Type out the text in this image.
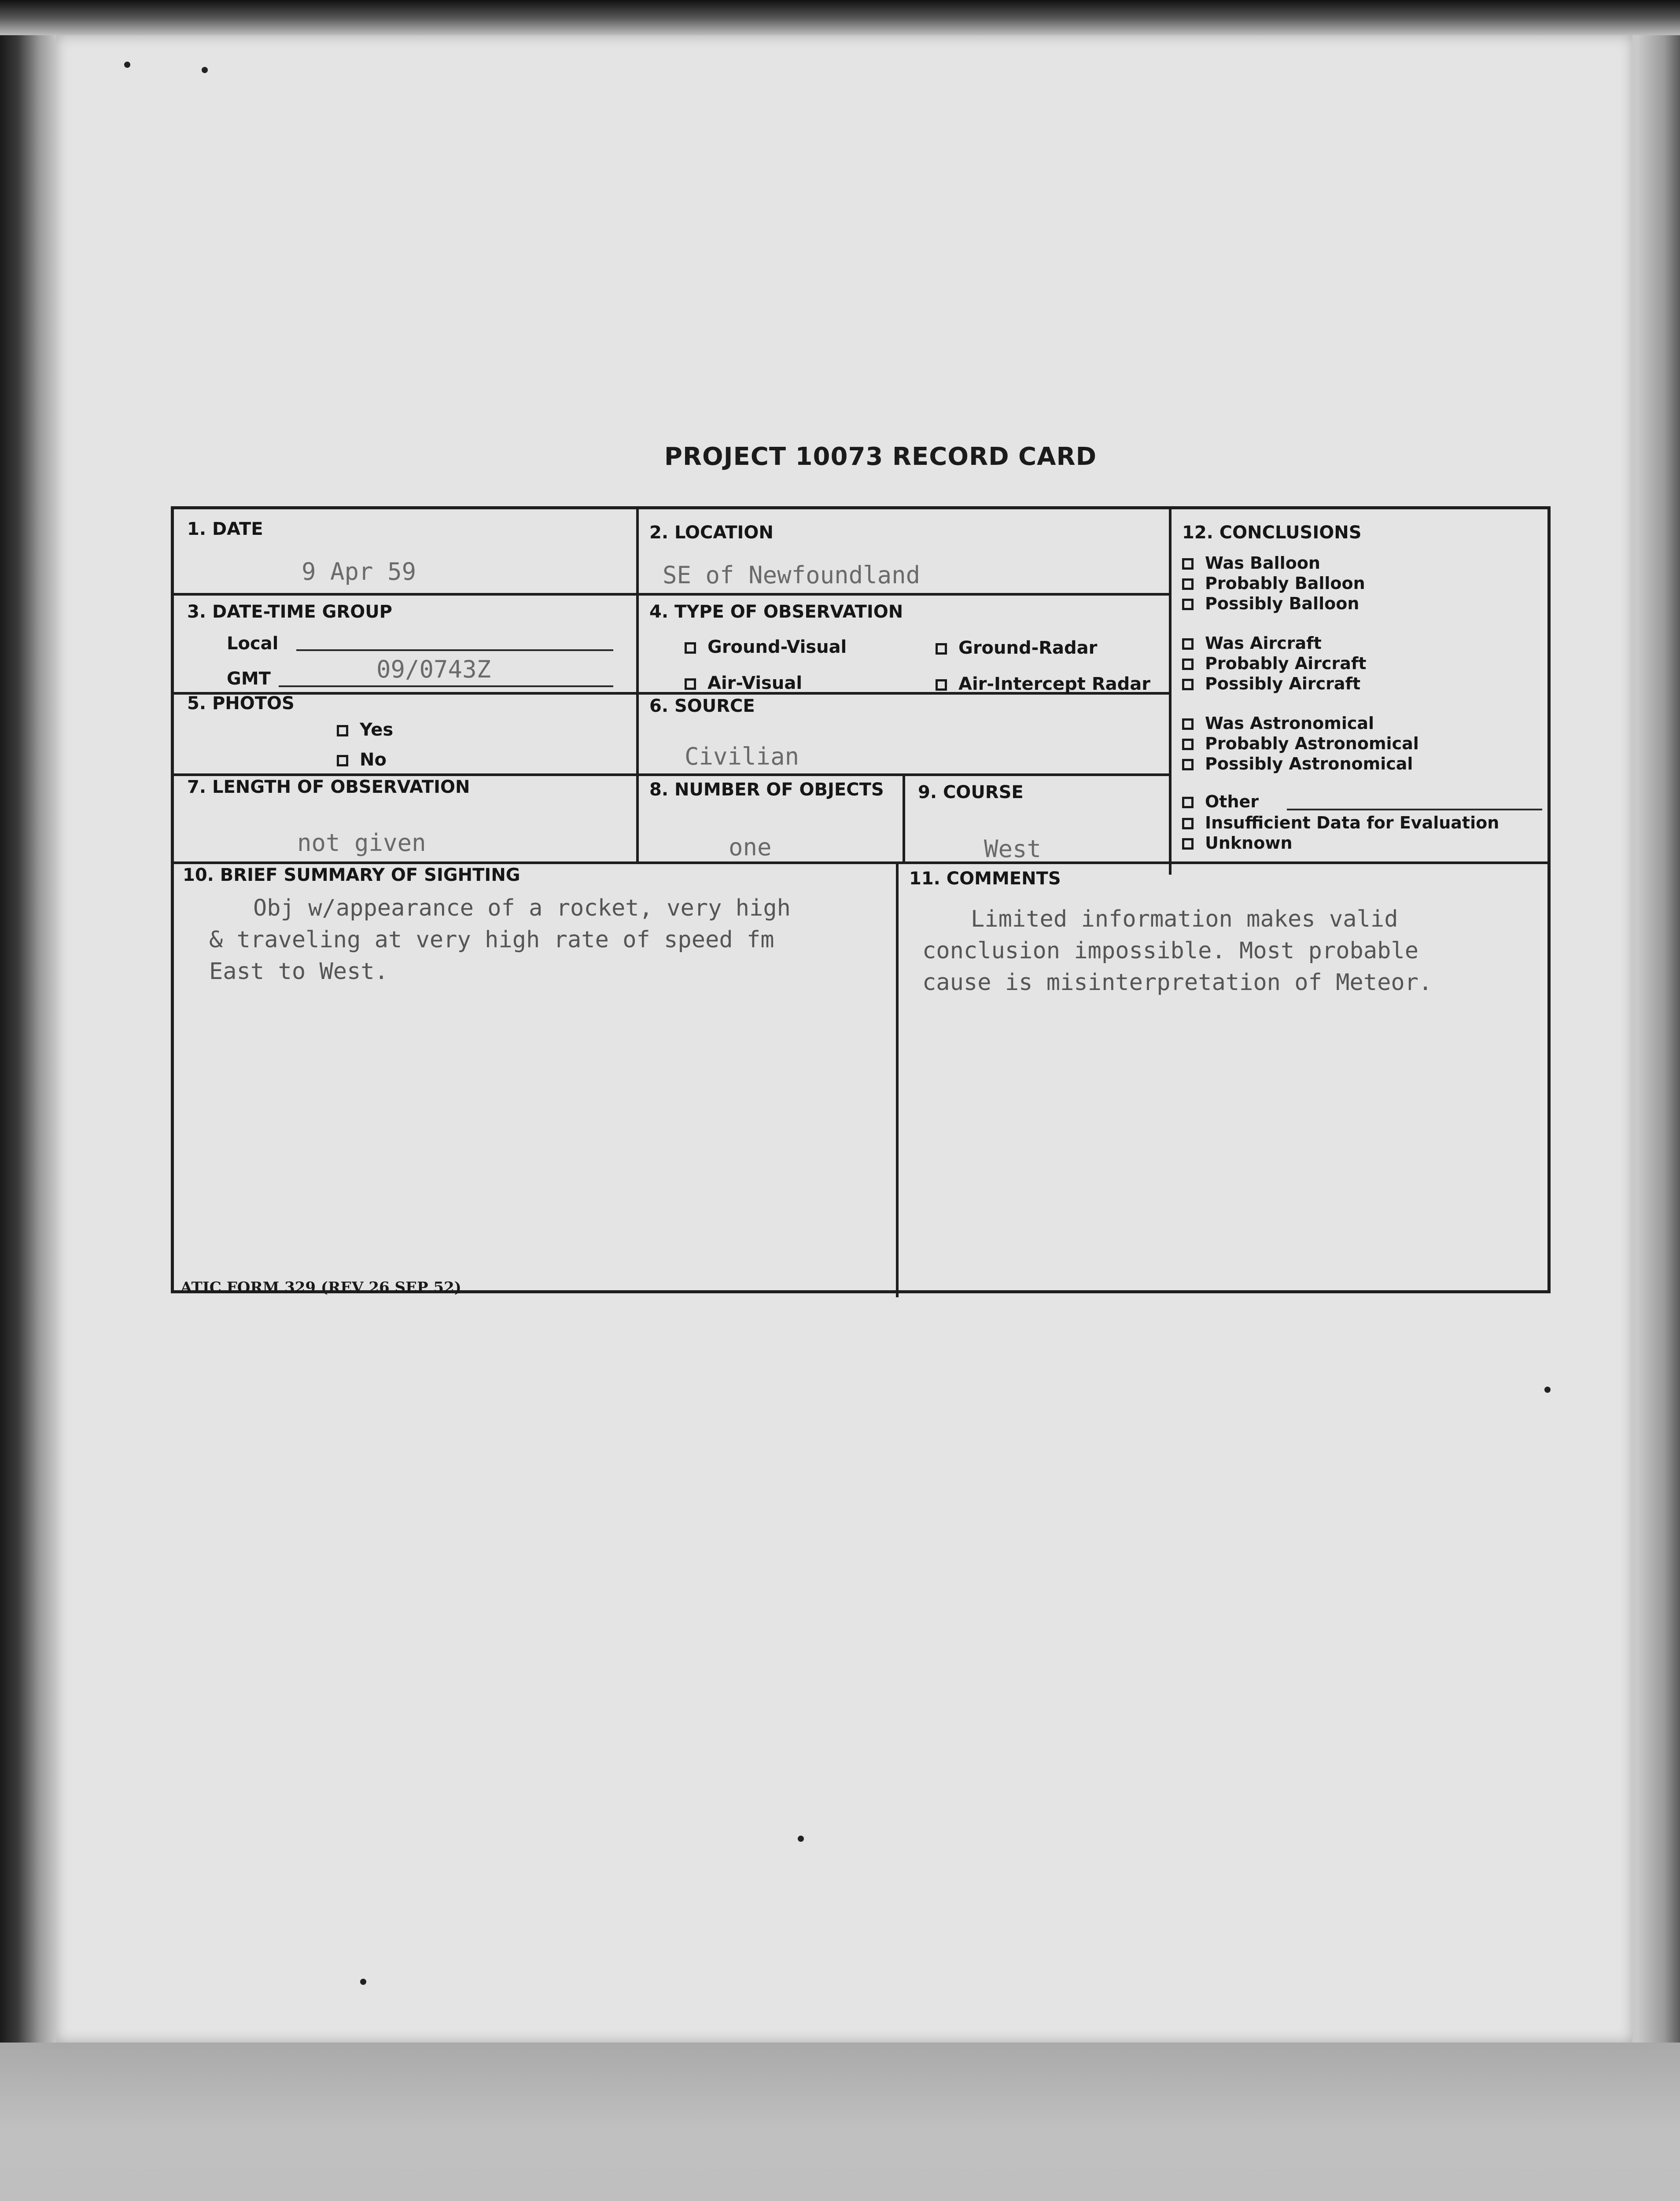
PROJECT 10073 RECORD CARD
1. DATE
9 Apr 59
2. LOCATION
SE of Newfoundland
3. DATE-TIME GROUP
Local
GMT	09/0743Z
4. TYPE OF OBSERVATION
Ground-Visual	Ground-Radar
Air-Visual	Air-Intercept Radar
5. PHOTOS
Yes
No
6. SOURCE
Civilian
7. LENGTH OF OBSERVATION
not given
8. NUMBER OF OBJECTS
one
9. COURSE
West
10. BRIEF SUMMARY OF SIGHTING
Obj w/appearance of a rocket, very high
& traveling at very high rate of speed fm
East to West.
11. COMMENTS
Limited information makes valid
conclusion impossible. Most probable
cause is misinterpretation of Meteor.
12. CONCLUSIONS
Was Balloon
Probably Balloon
Possibly Balloon
Was Aircraft
Probably Aircraft
Possibly Aircraft
Was Astronomical
Probably Astronomical
Possibly Astronomical
Other
Insufficient Data for Evaluation
Unknown
ATIC FORM 329 (REV 26 SEP 52)
